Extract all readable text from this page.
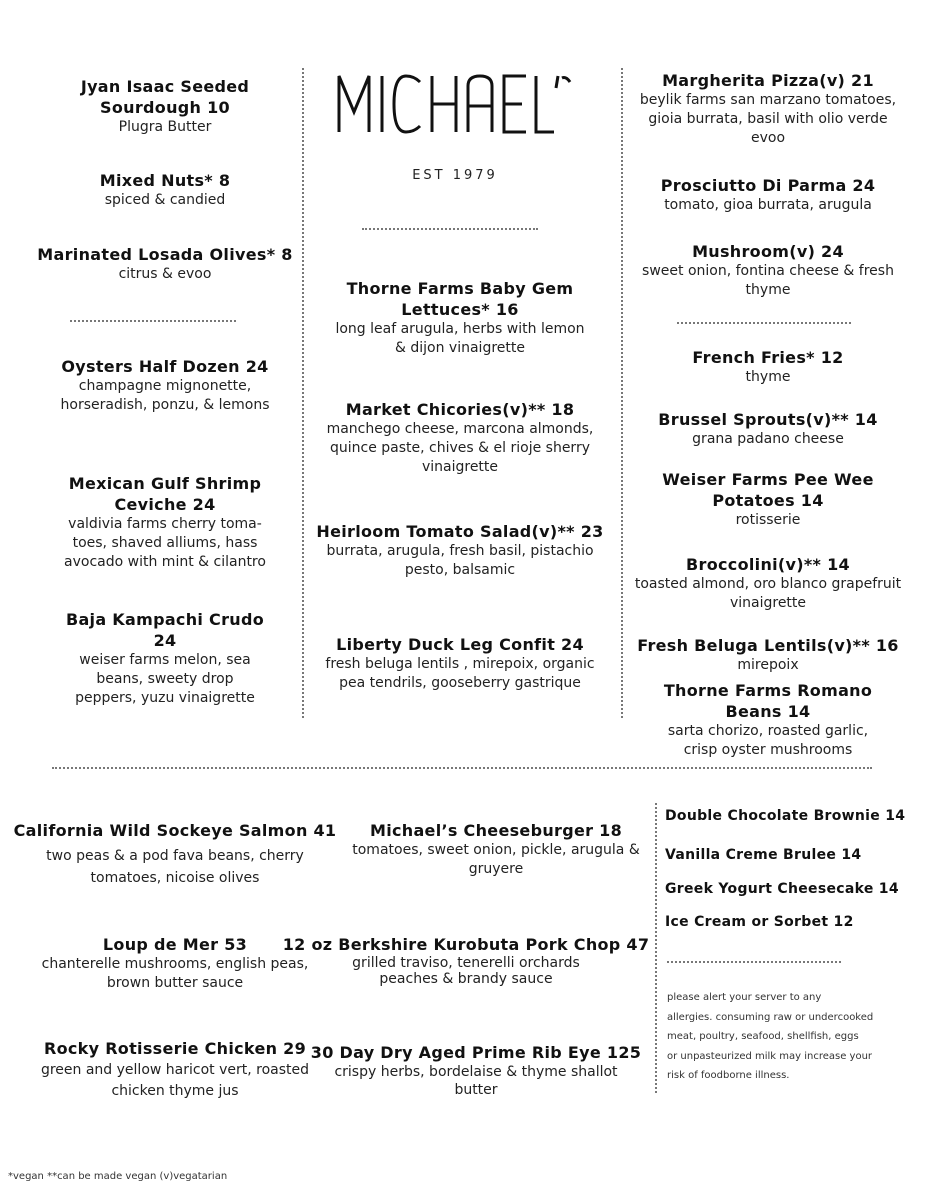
EST 1979
Jyan Isaac Seeded Sourdough 10
Plugra Butter
Mixed Nuts* 8
spiced & candied
Marinated Losada Olives* 8
citrus & evoo
Oysters Half Dozen 24
champagne mignonette, horseradish, ponzu, & lemons
Mexican Gulf Shrimp Ceviche 24
valdivia farms cherry toma- toes, shaved alliums, hass avocado with mint & cilantro
Baja Kampachi Crudo 24
weiser farms melon, sea beans, sweety drop peppers, yuzu vinaigrette
Thorne Farms Baby Gem Lettuces* 16
long leaf arugula, herbs with lemon & dijon vinaigrette
Market Chicories(v)** 18
manchego cheese, marcona almonds, quince paste, chives & el rioje sherry vinaigrette
Heirloom Tomato Salad(v)** 23
burrata, arugula, fresh basil, pistachio pesto, balsamic
Liberty Duck Leg Confit 24
fresh beluga lentils , mirepoix, organic pea tendrils, gooseberry gastrique
Margherita Pizza(v) 21
beylik farms san marzano tomatoes, gioia burrata, basil with olio verde evoo
Prosciutto Di Parma 24
tomato, gioa burrata, arugula
Mushroom(v) 24
sweet onion, fontina cheese & fresh thyme
French Fries* 12
thyme
Brussel Sprouts(v)** 14
grana padano cheese
Weiser Farms Pee Wee Potatoes 14
rotisserie
Broccolini(v)** 14
toasted almond, oro blanco grapefruit vinaigrette
Fresh Beluga Lentils(v)** 16
mirepoix
Thorne Farms Romano Beans 14
sarta chorizo, roasted garlic, crisp oyster mushrooms
California Wild Sockeye Salmon 41
two peas & a pod fava beans, cherry tomatoes, nicoise olives
Loup de Mer 53
chanterelle mushrooms, english peas, brown butter sauce
Rocky Rotisserie Chicken 29
green and yellow haricot vert, roasted chicken thyme jus
Michael’s Cheeseburger 18
tomatoes, sweet onion, pickle, arugula & gruyere
12 oz Berkshire Kurobuta Pork Chop 47
grilled traviso, tenerelli orchards peaches & brandy sauce
30 Day Dry Aged Prime Rib Eye 125
crispy herbs, bordelaise & thyme shallot butter
Double Chocolate Brownie 14
Vanilla Creme Brulee 14
Greek Yogurt Cheesecake 14
Ice Cream or Sorbet 12
please alert your server to any
allergies. consuming raw or undercooked
meat, poultry, seafood, shellfish, eggs
or unpasteurized milk may increase your
risk of foodborne illness.
*vegan **can be made vegan (v)vegatarian
